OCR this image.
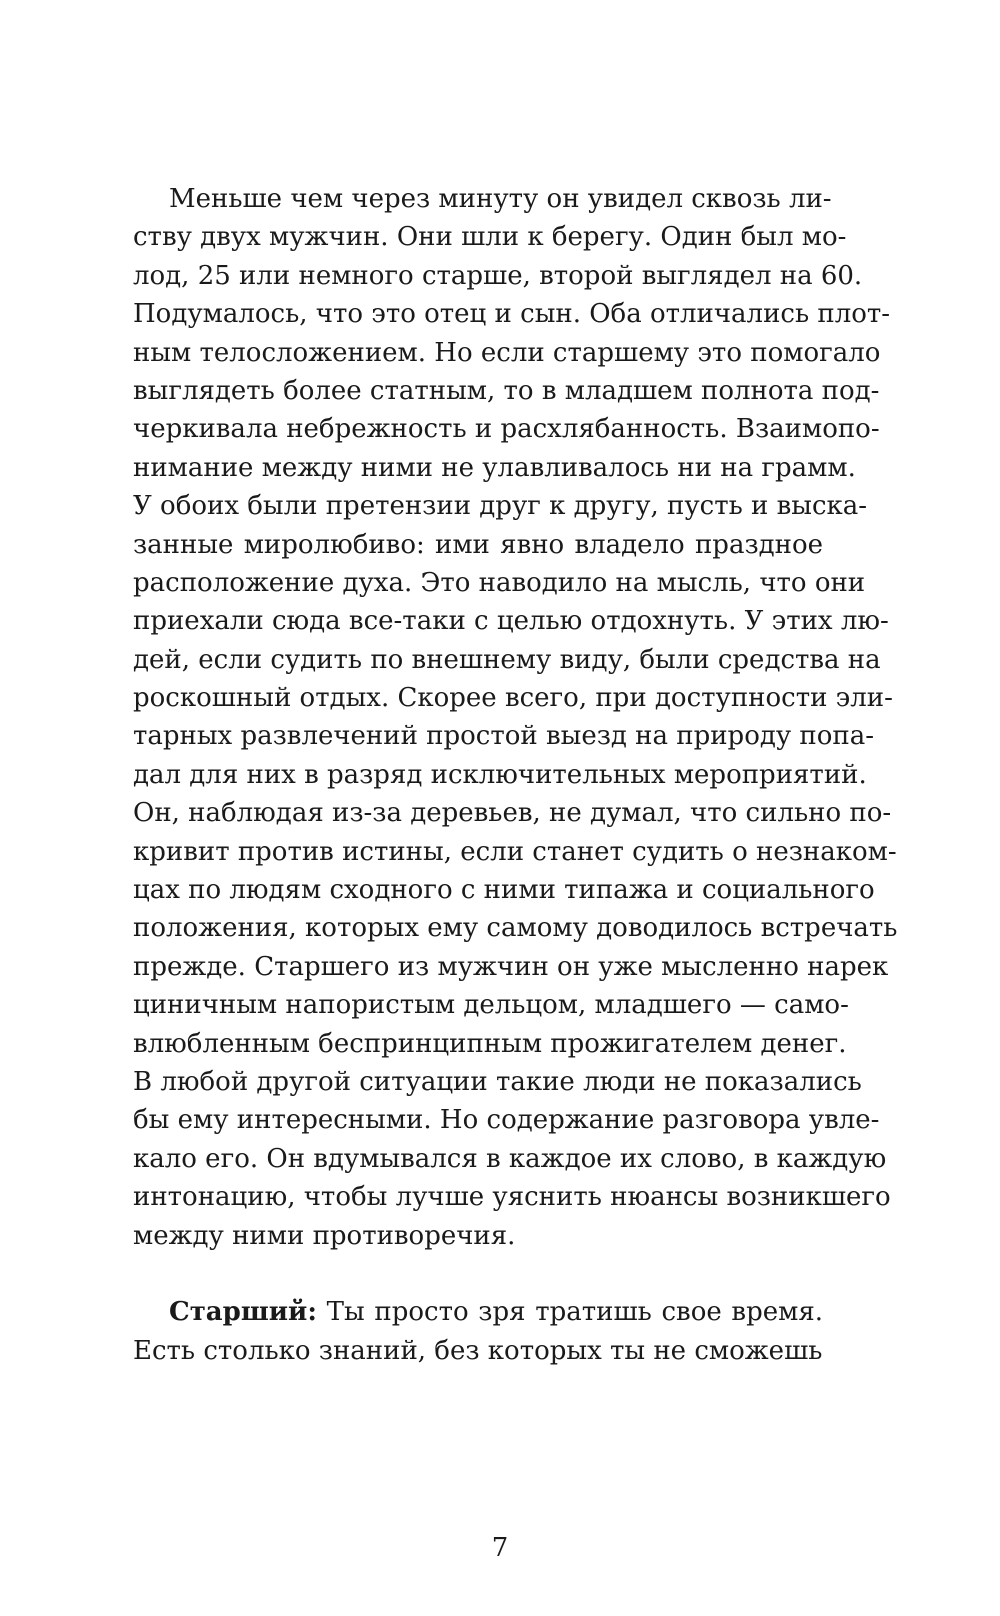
Меньше чем через минуту он увидел сквозь ли-
ству двух мужчин. Они шли к берегу. Один был мо-
лод, 25 или немного старше, второй выглядел на 60.
Подумалось, что это отец и сын. Оба отличались плот-
ным телосложением. Но если старшему это помогало
выглядеть более статным, то в младшем полнота под-
черкивала небрежность и расхлябанность. Взаимопо-
нимание между ними не улавливалось ни на грамм.
У обоих были претензии друг к другу, пусть и выска-
занные миролюбиво: ими явно владело праздное
расположение духа. Это наводило на мысль, что они
приехали сюда все-таки с целью отдохнуть. У этих лю-
дей, если судить по внешнему виду, были средства на
роскошный отдых. Скорее всего, при доступности эли-
тарных развлечений простой выезд на природу попа-
дал для них в разряд исключительных мероприятий.
Он, наблюдая из-за деревьев, не думал, что сильно по-
кривит против истины, если станет судить о незнаком-
цах по людям сходного с ними типажа и социального
положения, которых ему самому доводилось встречать
прежде. Старшего из мужчин он уже мысленно нарек
циничным напористым дельцом, младшего — само-
влюбленным беспринципным прожигателем денег.
В любой другой ситуации такие люди не показались
бы ему интересными. Но содержание разговора увле-
кало его. Он вдумывался в каждое их слово, в каждую
интонацию, чтобы лучше уяснить нюансы возникшего
между ними противоречия.
Старший: Ты просто зря тратишь свое время.
Есть столько знаний, без которых ты не сможешь
7
